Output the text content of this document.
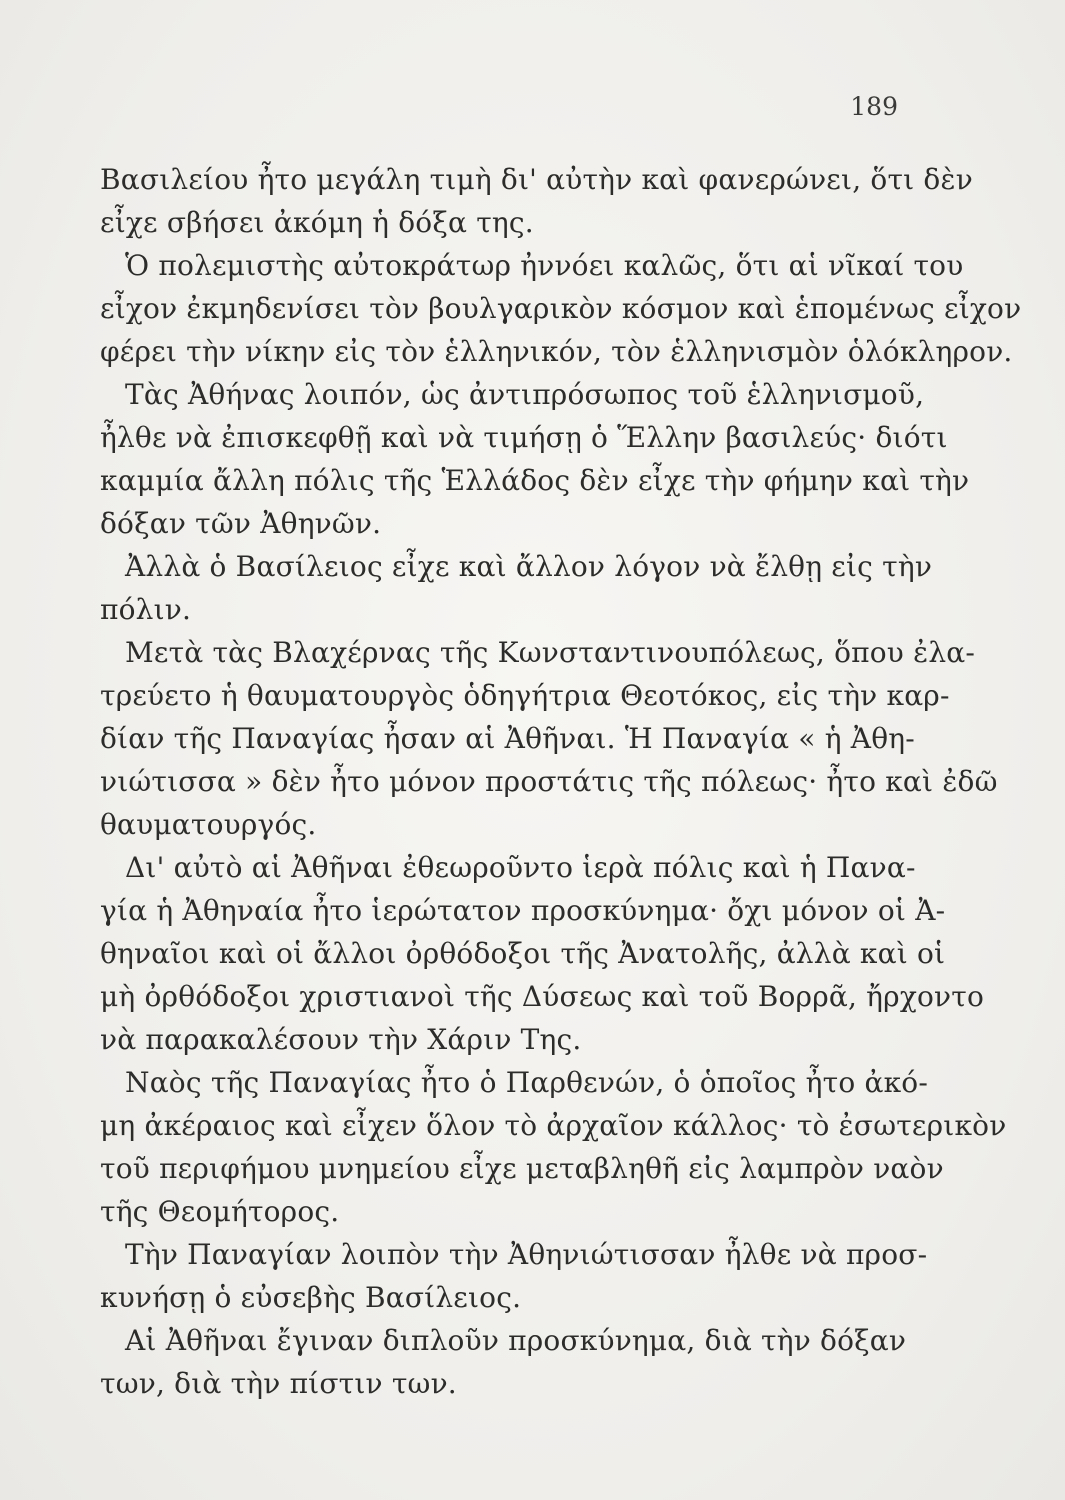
189
Βασιλείου ἦτο μεγάλη τιμὴ δι' αὐτὴν καὶ φανερώνει, ὅτι δὲν
εἶχε σβήσει ἀκόμη ἡ δόξα της.
Ὁ πολεμιστὴς αὐτοκράτωρ ἠννόει καλῶς, ὅτι αἱ νῖκαί του
εἶχον ἐκμηδενίσει τὸν βουλγαρικὸν κόσμον καὶ ἑπομένως εἶχον
φέρει τὴν νίκην εἰς τὸν ἑλληνικόν, τὸν ἑλληνισμὸν ὁλόκληρον.
Τὰς Ἀθήνας λοιπόν, ὡς ἀντιπρόσωπος τοῦ ἑλληνισμοῦ,
ἦλθε νὰ ἐπισκεφθῇ καὶ νὰ τιμήσῃ ὁ Ἕλλην βασιλεύς· διότι
καμμία ἄλλη πόλις τῆς Ἑλλάδος δὲν εἶχε τὴν φήμην καὶ τὴν
δόξαν τῶν Ἀθηνῶν.
Ἀλλὰ ὁ Βασίλειος εἶχε καὶ ἄλλον λόγον νὰ ἔλθῃ εἰς τὴν
πόλιν.
Μετὰ τὰς Βλαχέρνας τῆς Κωνσταντινουπόλεως, ὅπου ἐλα-
τρεύετο ἡ θαυματουργὸς ὁδηγήτρια Θεοτόκος, εἰς τὴν καρ-
δίαν τῆς Παναγίας ἦσαν αἱ Ἀθῆναι. Ἡ Παναγία « ἡ Ἀθη-
νιώτισσα » δὲν ἦτο μόνον προστάτις τῆς πόλεως· ἦτο καὶ ἐδῶ
θαυματουργός.
Δι' αὐτὸ αἱ Ἀθῆναι ἐθεωροῦντο ἱερὰ πόλις καὶ ἡ Πανα-
γία ἡ Ἀθηναία ἦτο ἱερώτατον προσκύνημα· ὄχι μόνον οἱ Ἀ-
θηναῖοι καὶ οἱ ἄλλοι ὀρθόδοξοι τῆς Ἀνατολῆς, ἀλλὰ καὶ οἱ
μὴ ὀρθόδοξοι χριστιανοὶ τῆς Δύσεως καὶ τοῦ Βορρᾶ, ἤρχοντο
νὰ παρακαλέσουν τὴν Χάριν Της.
Ναὸς τῆς Παναγίας ἦτο ὁ Παρθενών, ὁ ὁποῖος ἦτο ἀκό-
μη ἀκέραιος καὶ εἶχεν ὅλον τὸ ἀρχαῖον κάλλος· τὸ ἐσωτερικὸν
τοῦ περιφήμου μνημείου εἶχε μεταβληθῆ εἰς λαμπρὸν ναὸν
τῆς Θεομήτορος.
Τὴν Παναγίαν λοιπὸν τὴν Ἀθηνιώτισσαν ἦλθε νὰ προσ-
κυνήσῃ ὁ εὐσεβὴς Βασίλειος.
Αἱ Ἀθῆναι ἔγιναν διπλοῦν προσκύνημα, διὰ τὴν δόξαν
των, διὰ τὴν πίστιν των.
